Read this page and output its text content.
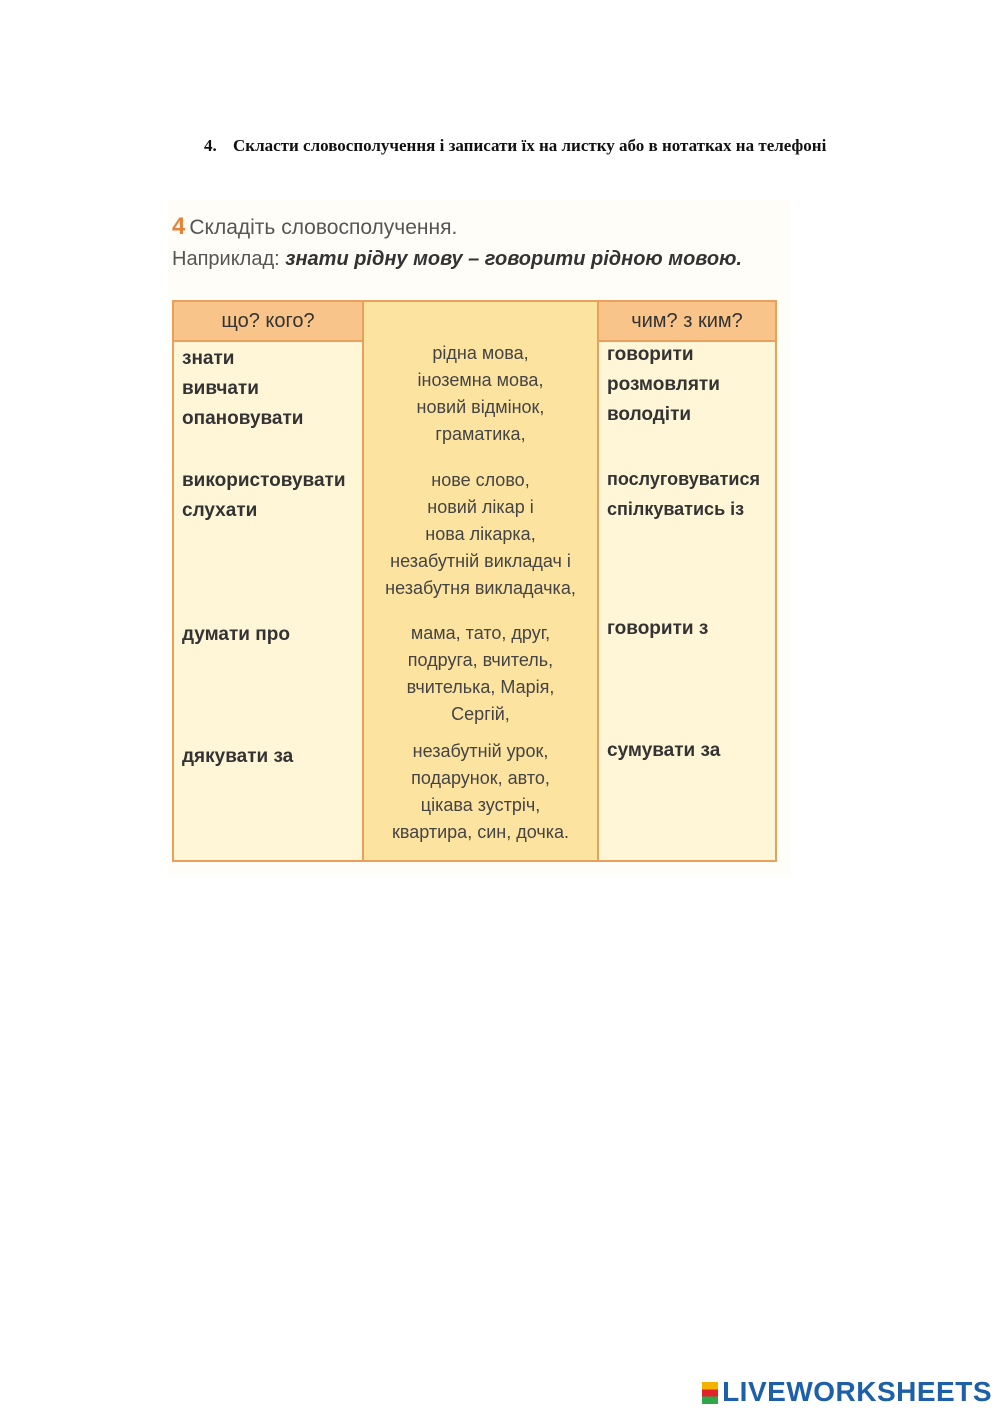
4. Скласти словосполучення і записати їх на листку або в нотатках на телефоні
4 Складіть словосполучення.
Наприклад: знати рідну мову – говорити рідною мовою.
рідна мова,
іноземна мова,
новий відмінок,
граматика,
нове слово,
новий лікар і
нова лікарка,
незабутній викладач і
незабутня викладачка,
мама, тато, друг,
подруга, вчитель,
вчителька, Марія,
Сергій,
незабутній урок,
подарунок, авто,
цікава зустріч,
квартира, син, дочка.
що? кого?
знати
вивчати
опановувати
використовувати
слухати
думати про
дякувати за
чим? з ким?
говорити
розмовляти
володіти
послуговуватися
спілкуватись із
говорити з
сумувати за
LIVEWORKSHEETS
